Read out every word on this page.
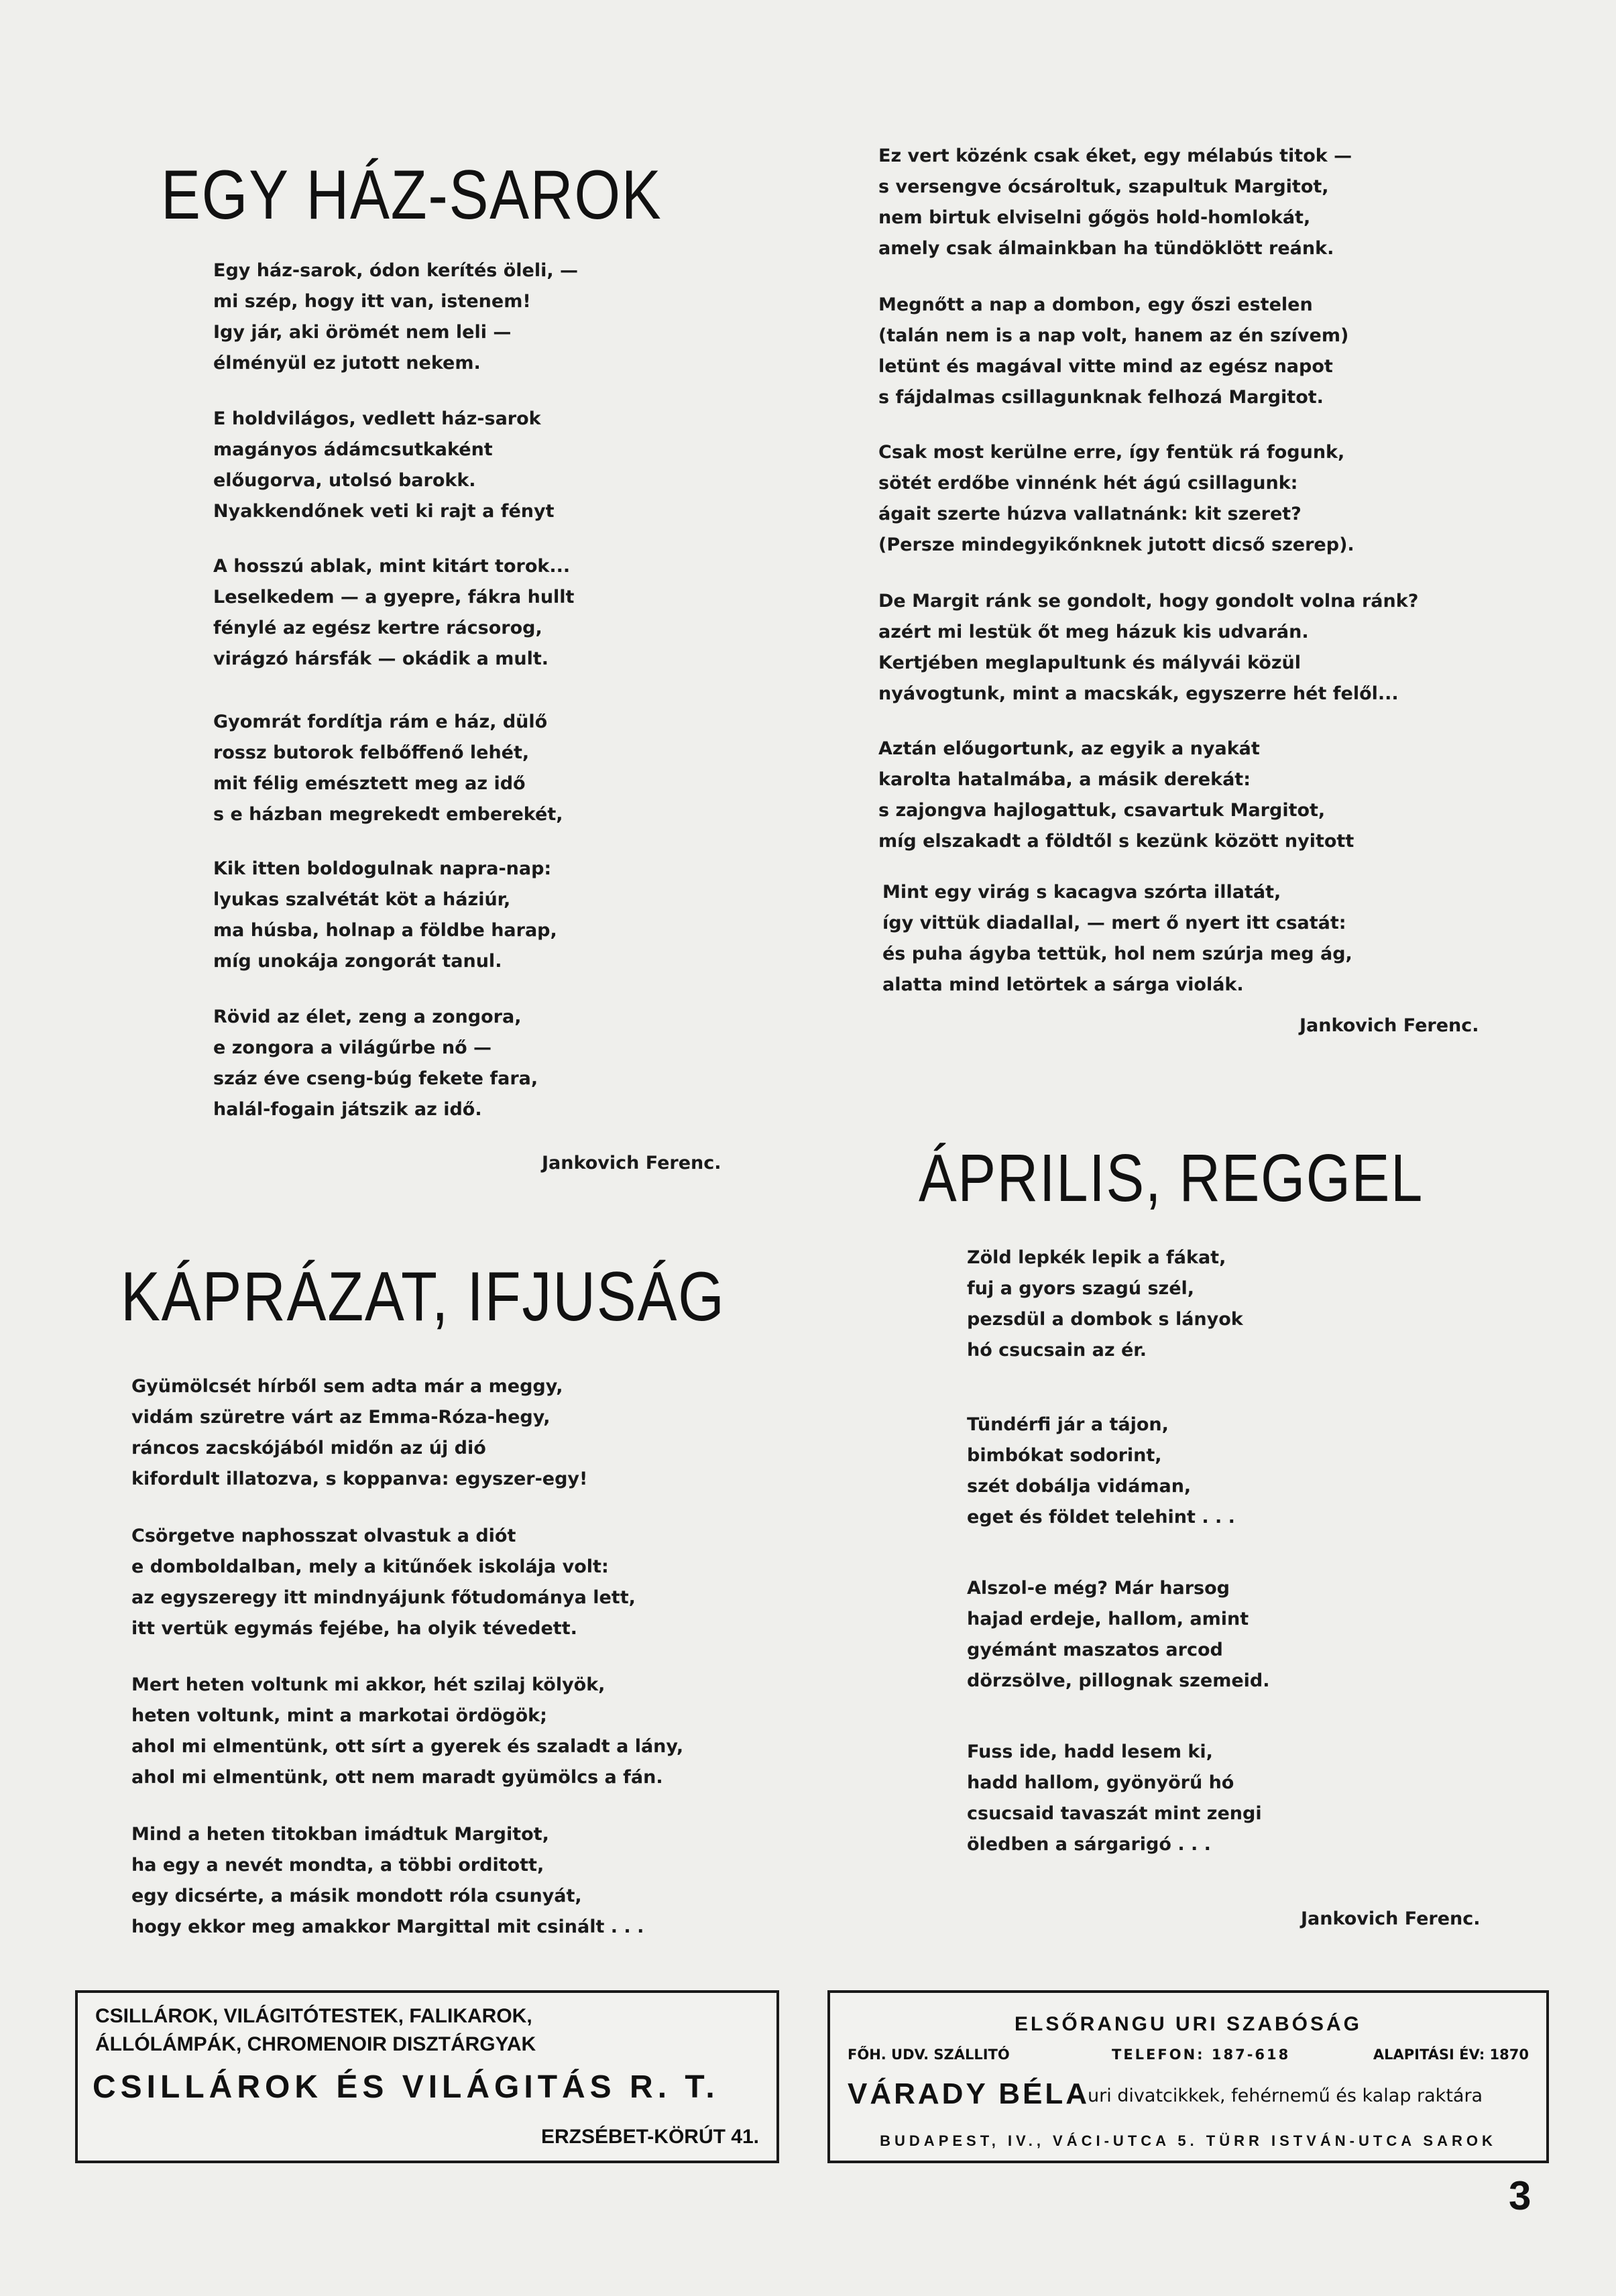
EGY HÁZ-SAROK
Egy ház-sarok, ódon kerítés öleli, —
mi szép, hogy itt van, istenem!
Igy jár, aki örömét nem leli —
élményül ez jutott nekem.
E holdvilágos, vedlett ház-sarok
magányos ádámcsutkaként
előugorva, utolsó barokk.
Nyakkendőnek veti ki rajt a fényt
A hosszú ablak, mint kitárt torok...
Leselkedem — a gyepre, fákra hullt
fénylé az egész kertre rácsorog,
virágzó hársfák — okádik a mult.
Gyomrát fordítja rám e ház, dülő
rossz butorok felbőffenő lehét,
mit félig emésztett meg az idő
s e házban megrekedt emberekét,
Kik itten boldogulnak napra-nap:
lyukas szalvétát köt a háziúr,
ma húsba, holnap a földbe harap,
míg unokája zongorát tanul.
Rövid az élet, zeng a zongora,
e zongora a világűrbe nő —
száz éve cseng-búg fekete fara,
halál-fogain játszik az idő.
Jankovich Ferenc.
KÁPRÁZAT, IFJUSÁG
Gyümölcsét hírből sem adta már a meggy,
vidám szüretre várt az Emma-Róza-hegy,
ráncos zacskójából midőn az új dió
kifordult illatozva, s koppanva: egyszer-egy!
Csörgetve naphosszat olvastuk a diót
e domboldalban, mely a kitűnőek iskolája volt:
az egyszeregy itt mindnyájunk főtudománya lett,
itt vertük egymás fejébe, ha olyik tévedett.
Mert heten voltunk mi akkor, hét szilaj kölyök,
heten voltunk, mint a markotai ördögök;
ahol mi elmentünk, ott sírt a gyerek és szaladt a lány,
ahol mi elmentünk, ott nem maradt gyümölcs a fán.
Mind a heten titokban imádtuk Margitot,
ha egy a nevét mondta, a többi orditott,
egy dicsérte, a másik mondott róla csunyát,
hogy ekkor meg amakkor Margittal mit csinált . . .
Ez vert közénk csak éket, egy mélabús titok —
s versengve ócsároltuk, szapultuk Margitot,
nem birtuk elviselni gőgös hold-homlokát,
amely csak álmainkban ha tündöklött reánk.
Megnőtt a nap a dombon, egy őszi estelen
(talán nem is a nap volt, hanem az én szívem)
letünt és magával vitte mind az egész napot
s fájdalmas csillagunknak felhozá Margitot.
Csak most kerülne erre, így fentük rá fogunk,
sötét erdőbe vinnénk hét ágú csillagunk:
ágait szerte húzva vallatnánk: kit szeret?
(Persze mindegyikőnknek jutott dicső szerep).
De Margit ránk se gondolt, hogy gondolt volna ránk?
azért mi lestük őt meg házuk kis udvarán.
Kertjében meglapultunk és mályvái közül
nyávogtunk, mint a macskák, egyszerre hét felől...
Aztán előugortunk, az egyik a nyakát
karolta hatalmába, a másik derekát:
s zajongva hajlogattuk, csavartuk Margitot,
míg elszakadt a földtől s kezünk között nyitott
Mint egy virág s kacagva szórta illatát,
így vittük diadallal, — mert ő nyert itt csatát:
és puha ágyba tettük, hol nem szúrja meg ág,
alatta mind letörtek a sárga violák.
Jankovich Ferenc.
ÁPRILIS, REGGEL
Zöld lepkék lepik a fákat,
fuj a gyors szagú szél,
pezsdül a dombok s lányok
hó csucsain az ér.
Tündérfi jár a tájon,
bimbókat sodorint,
szét dobálja vidáman,
eget és földet telehint . . .
Alszol-e még? Már harsog
hajad erdeje, hallom, amint
gyémánt maszatos arcod
dörzsölve, pillognak szemeid.
Fuss ide, hadd lesem ki,
hadd hallom, gyönyörű hó
csucsaid tavaszát mint zengi
öledben a sárgarigó . . .
Jankovich Ferenc.
CSILLÁROK, VILÁGITÓTESTEK, FALIKAROK,
ÁLLÓLÁMPÁK, CHROMENOIR DISZTÁRGYAK
CSILLÁROK ÉS VILÁGITÁS R. T.
ERZSÉBET-KÖRÚT 41.
ELSŐRANGU URI SZABÓSÁG
FŐH. UDV. SZÁLLITÓ	TELEFON: 187-618	ALAPITÁSI ÉV: 1870
VÁRADY BÉLA
uri divatcikkek, fehérnemű és kalap raktára
BUDAPEST, IV., VÁCI-UTCA 5. TÜRR ISTVÁN-UTCA SAROK
3
